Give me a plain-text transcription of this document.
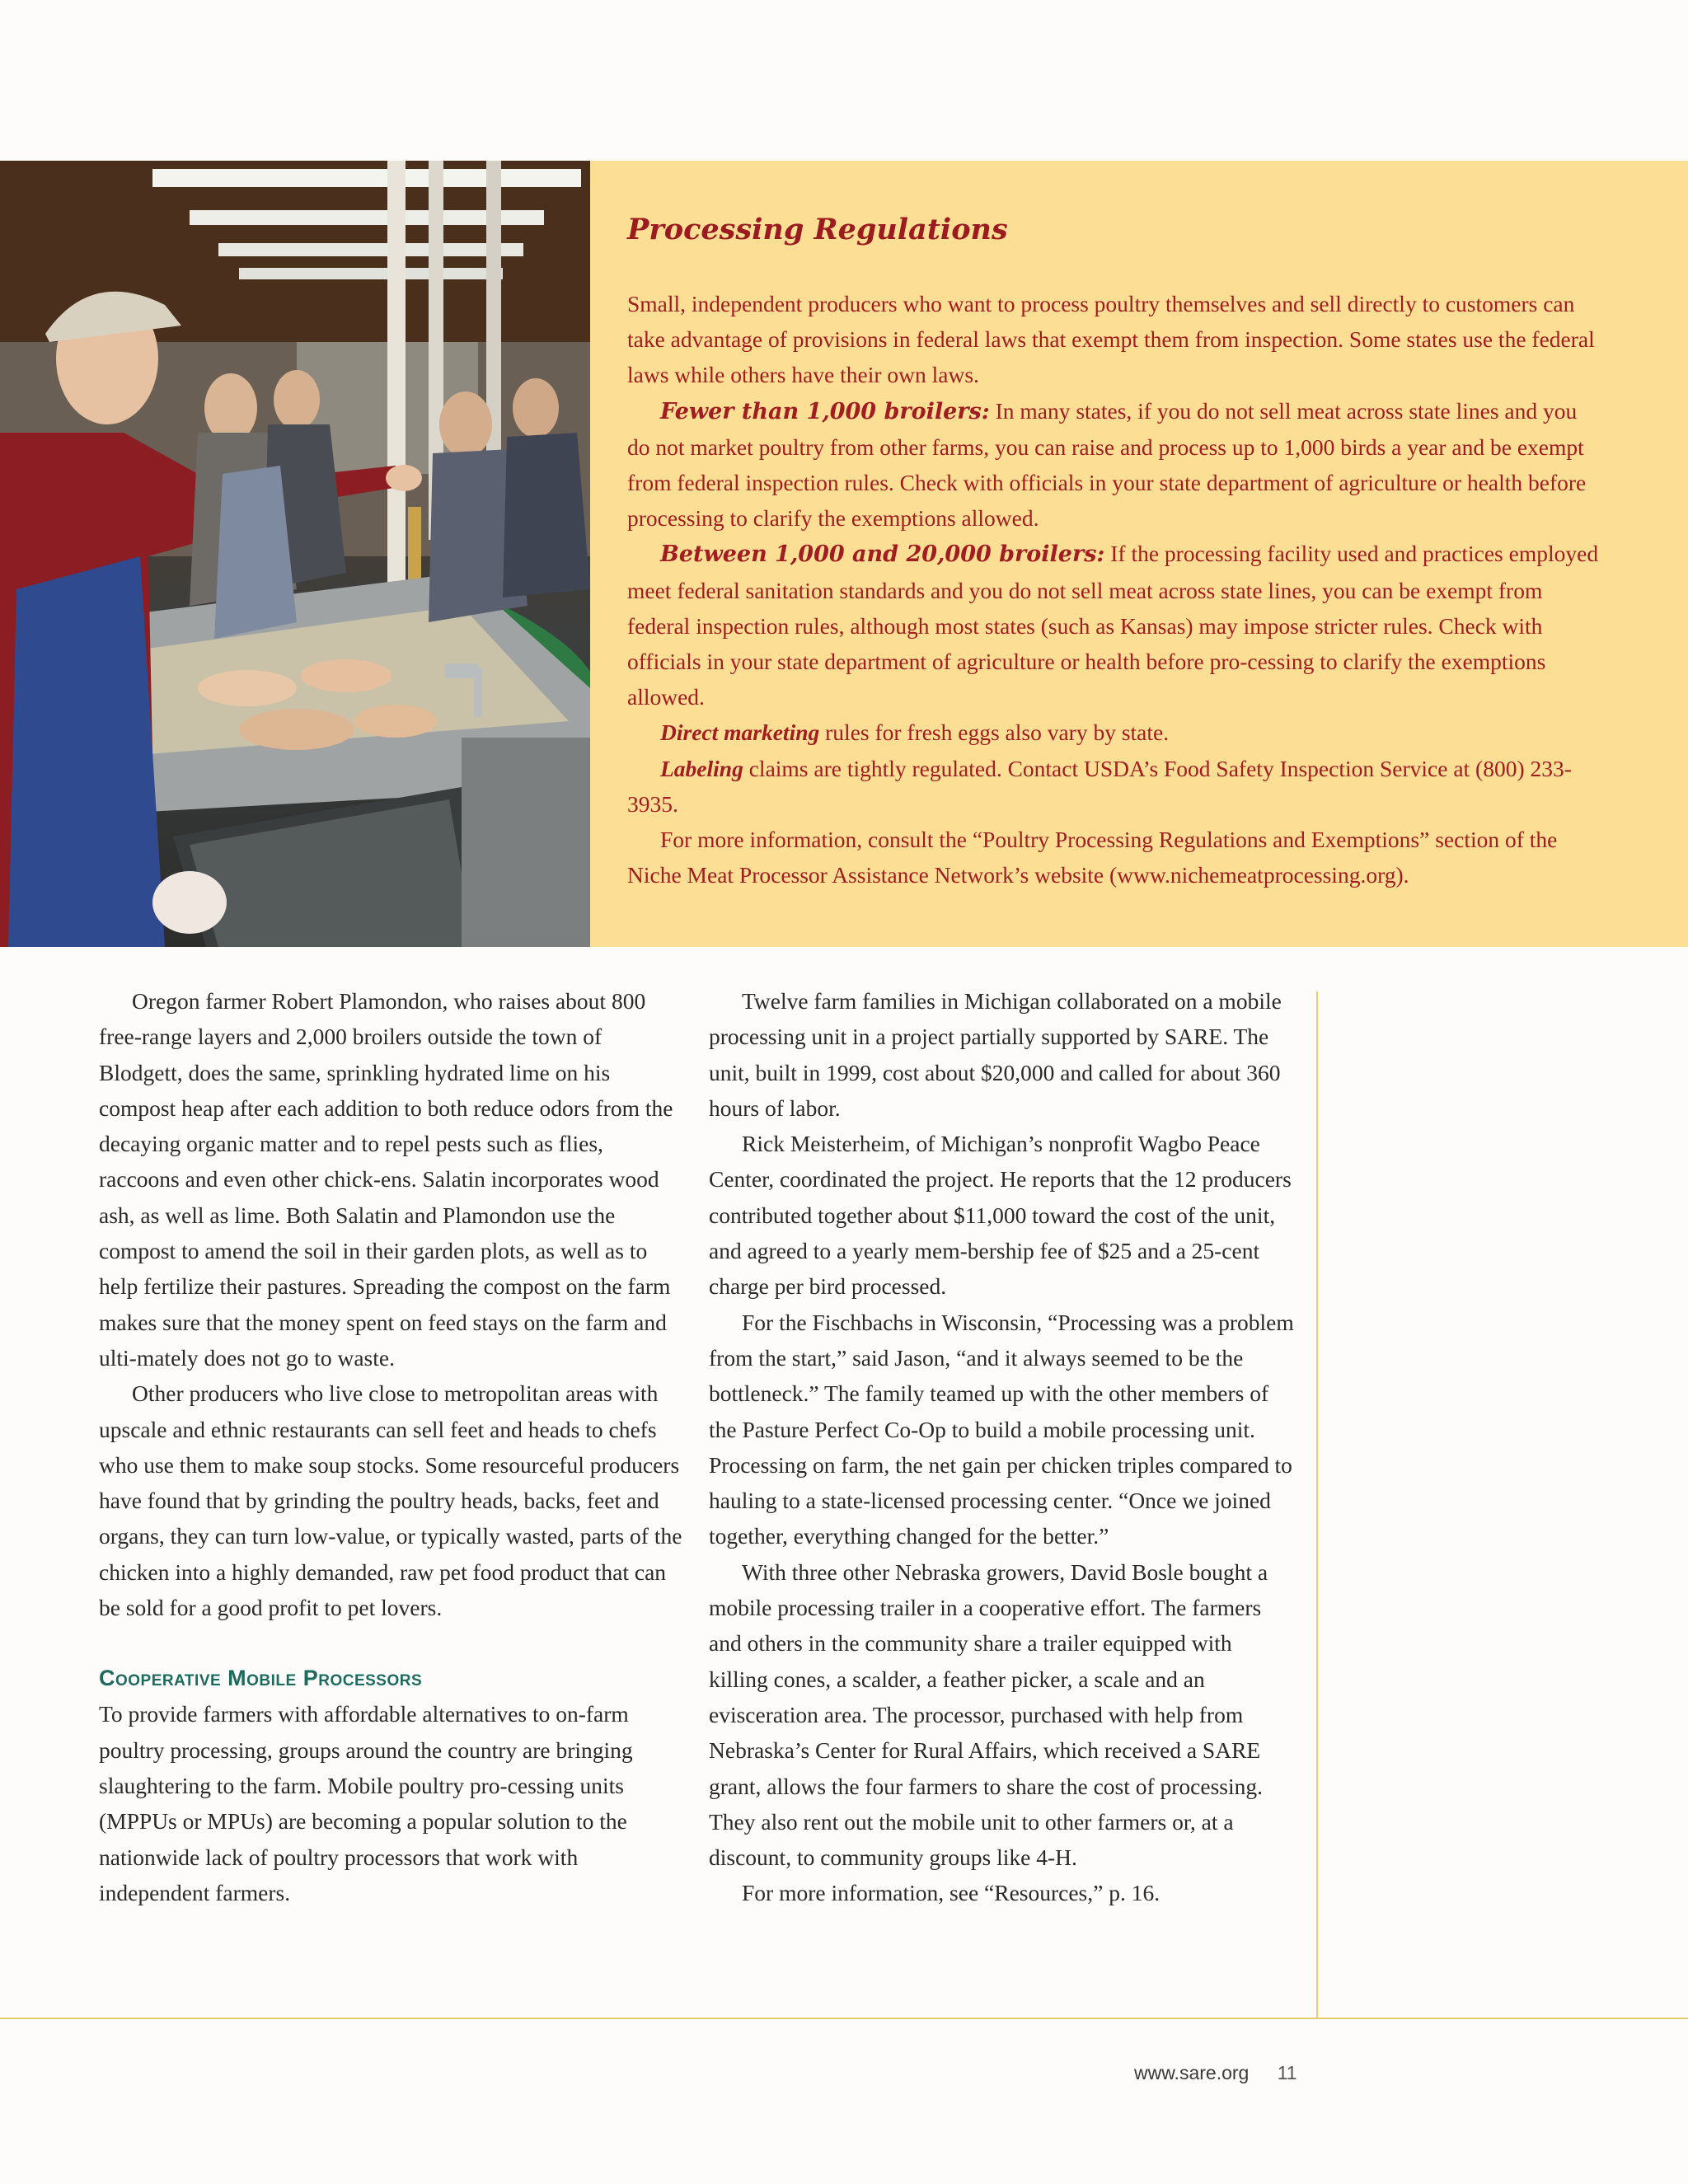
Processing Regulations

Small, independent producers who want to process poultry themselves and sell directly to customers can take advantage of provisions in federal laws that exempt them from inspection. Some states use the federal laws while others have their own laws.

Fewer than 1,000 broilers: In many states, if you do not sell meat across state lines and you do not market poultry from other farms, you can raise and process up to 1,000 birds a year and be exempt from federal inspection rules. Check with officials in your state department of agriculture or health before processing to clarify the exemptions allowed.

Between 1,000 and 20,000 broilers: If the processing facility used and practices employed meet federal sanitation standards and you do not sell meat across state lines, you can be exempt from federal inspection rules, although most states (such as Kansas) may impose stricter rules. Check with officials in your state department of agriculture or health before pro-cessing to clarify the exemptions allowed.

Direct marketing rules for fresh eggs also vary by state.

Labeling claims are tightly regulated. Contact USDA’s Food Safety Inspection Service at (800) 233-3935.

For more information, consult the “Poultry Processing Regulations and Exemptions” section of the Niche Meat Processor Assistance Network’s website (www.nichemeatprocessing.org).

Oregon farmer Robert Plamondon, who raises about 800 free-range layers and 2,000 broilers outside the town of Blodgett, does the same, sprinkling hydrated lime on his compost heap after each addition to both reduce odors from the decaying organic matter and to repel pests such as flies, raccoons and even other chick-ens. Salatin incorporates wood ash, as well as lime. Both Salatin and Plamondon use the compost to amend the soil in their garden plots, as well as to help fertilize their pastures. Spreading the compost on the farm makes sure that the money spent on feed stays on the farm and ulti-mately does not go to waste.

Other producers who live close to metropolitan areas with upscale and ethnic restaurants can sell feet and heads to chefs who use them to make soup stocks. Some resourceful producers have found that by grinding the poultry heads, backs, feet and organs, they can turn low-value, or typically wasted, parts of the chicken into a highly demanded, raw pet food product that can be sold for a good profit to pet lovers.

Cooperative Mobile Processors

To provide farmers with affordable alternatives to on-farm poultry processing, groups around the country are bringing slaughtering to the farm. Mobile poultry pro-cessing units (MPPUs or MPUs) are becoming a popular solution to the nationwide lack of poultry processors that work with independent farmers.

Twelve farm families in Michigan collaborated on a mobile processing unit in a project partially supported by SARE. The unit, built in 1999, cost about $20,000 and called for about 360 hours of labor.

Rick Meisterheim, of Michigan’s nonprofit Wagbo Peace Center, coordinated the project. He reports that the 12 producers contributed together about $11,000 toward the cost of the unit, and agreed to a yearly mem-bership fee of $25 and a 25-cent charge per bird processed.

For the Fischbachs in Wisconsin, “Processing was a problem from the start,” said Jason, “and it always seemed to be the bottleneck.” The family teamed up with the other members of the Pasture Perfect Co-Op to build a mobile processing unit. Processing on farm, the net gain per chicken triples compared to hauling to a state-licensed processing center. “Once we joined together, everything changed for the better.”

With three other Nebraska growers, David Bosle bought a mobile processing trailer in a cooperative effort. The farmers and others in the community share a trailer equipped with killing cones, a scalder, a feather picker, a scale and an evisceration area. The processor, purchased with help from Nebraska’s Center for Rural Affairs, which received a SARE grant, allows the four farmers to share the cost of processing. They also rent out the mobile unit to other farmers or, at a discount, to community groups like 4-H.

For more information, see “Resources,” p. 16.

www.sare.org 11
